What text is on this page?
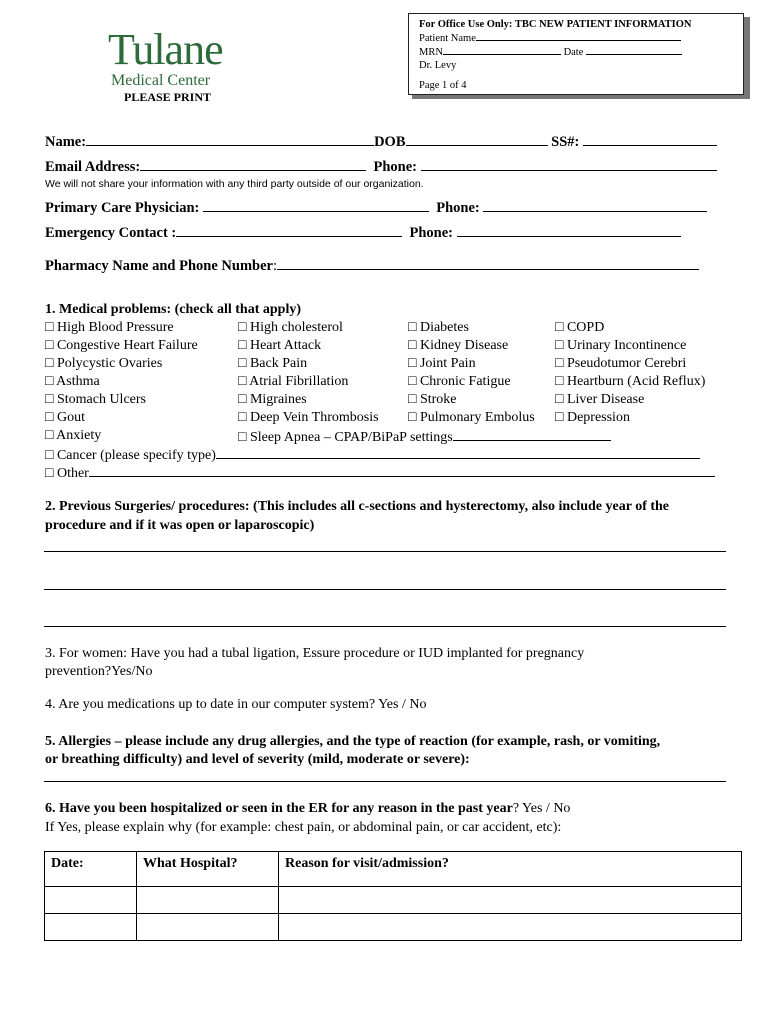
Tulane
Medical Center
PLEASE PRINT
For Office Use Only: TBC NEW PATIENT INFORMATION
Patient Name
MRN	Date
Dr. Levy
Page 1 of 4
Name:	DOB	SS#:
Email Address:	Phone:
We will not share your information with any third party outside of our organization.
Primary Care Physician:	Phone:
Emergency Contact :	Phone:
Pharmacy Name and Phone Number:
1. Medical problems: (check all that apply)
□ High Blood Pressure
□ Congestive Heart Failure
□ Polycystic Ovaries
□ Asthma
□ Stomach Ulcers
□ Gout
□ Anxiety
□ High cholesterol
□ Heart Attack
□ Back Pain
□ Atrial Fibrillation
□ Migraines
□ Deep Vein Thrombosis
□ Sleep Apnea – CPAP/BiPaP settings
□ Diabetes
□ Kidney Disease
□ Joint Pain
□ Chronic Fatigue
□ Stroke
□ Pulmonary Embolus
□ COPD
□ Urinary Incontinence
□ Pseudotumor Cerebri
□ Heartburn (Acid Reflux)
□ Liver Disease
□ Depression
□ Cancer (please specify type)
□ Other
2. Previous Surgeries/ procedures: (This includes all c-sections and hysterectomy, also include year of the
procedure and if it was open or laparoscopic)
3. For women: Have you had a tubal ligation, Essure procedure or IUD implanted for pregnancy
prevention?Yes/No
4. Are you medications up to date in our computer system? Yes / No
5. Allergies – please include any drug allergies, and the type of reaction (for example, rash, or vomiting,
or breathing difficulty) and level of severity (mild, moderate or severe):
6. Have you been hospitalized or seen in the ER for any reason in the past year? Yes / No
If Yes, please explain why (for example: chest pain, or abdominal pain, or car accident, etc):
Date:	What Hospital?	Reason for visit/admission?
